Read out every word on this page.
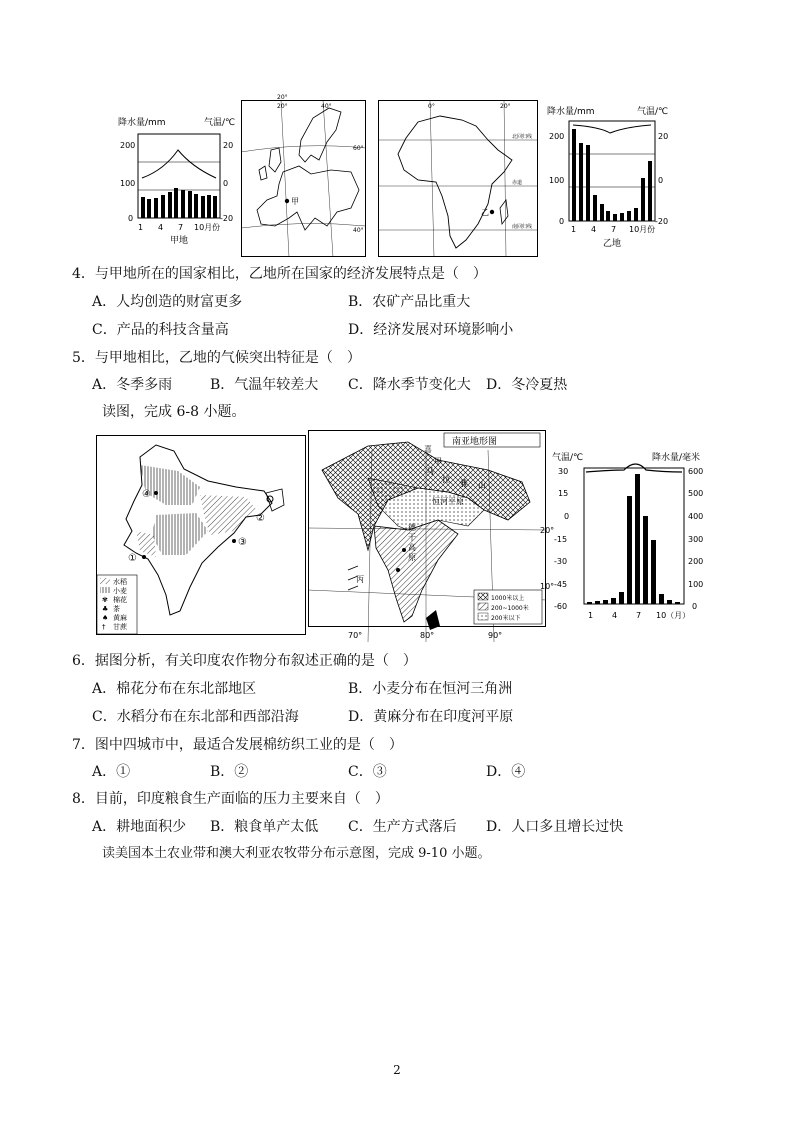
降水量/mm	气温/℃
200
100
0
20
0
-20
1 4 7 10月份
甲地
甲
20°
20°	40°
60°
40°
乙
0°	20°
北回归线
赤道
南回归线
降水量/mm	气温/℃
200
100
0
20
0
-20
1 4 7 10月份
乙地
4．与甲地所在的国家相比，乙地所在国家的经济发展特点是（　）
A．人均创造的财富更多	B．农矿产品比重大
C．产品的科技含量高	D．经济发展对环境影响小
5．与甲地相比，乙地的气候突出特征是（　）
A．冬季多雨	B．气温年较差大 C．降水季节变化大 D．冬冷夏热
读图，完成 6-8 小题。
④
①
③
②
水稻
小麦
✾ 棉花
♣ 茶
♠ 黄麻
† 甘蔗
南亚地形图
喜
甲
马
拉 雅 山
恒河平原
德
干
高
原
丙
1000米以上
200~1000米
200米以下
20°
10°
70°	80°	90°
气温/℃	降水量/毫米
30
15
0
-15
-30
-45
-60
600
500
400
300
200
100
0
1 4 7 10（月）
6．据图分析，有关印度农作物分布叙述正确的是（　）
A．棉花分布在东北部地区	B．小麦分布在恒河三角洲
C．水稻分布在东北部和西部沿海	D．黄麻分布在印度河平原
7．图中四城市中，最适合发展棉纺织工业的是（　）
A．①	B．②	C．③	D．④
8．目前，印度粮食生产面临的压力主要来自（　）
A．耕地面积少 B．粮食单产太低 C．生产方式落后 D．人口多且增长过快
读美国本土农业带和澳大利亚农牧带分布示意图，完成 9-10 小题。
2
